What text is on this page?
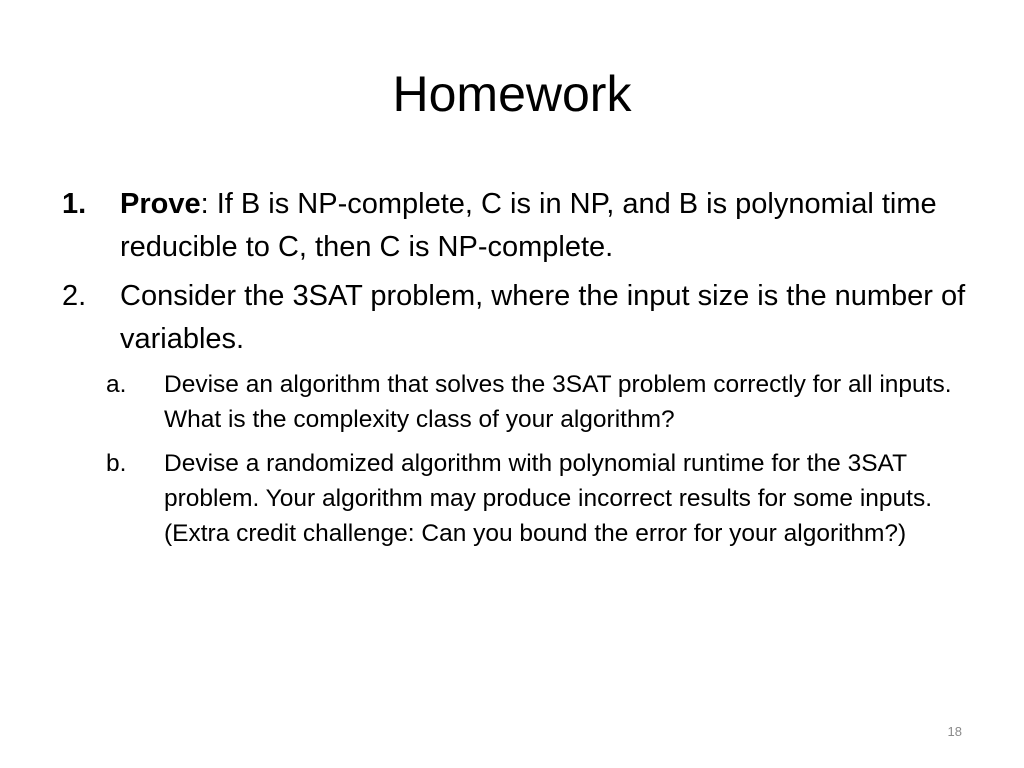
Homework
1. Prove: If B is NP-complete, C is in NP, and B is polynomial time reducible to C, then C is NP-complete.
2. Consider the 3SAT problem, where the input size is the number of variables.
a. Devise an algorithm that solves the 3SAT problem correctly for all inputs. What is the complexity class of your algorithm?
b. Devise a randomized algorithm with polynomial runtime for the 3SAT problem. Your algorithm may produce incorrect results for some inputs. (Extra credit challenge: Can you bound the error for your algorithm?)
18
